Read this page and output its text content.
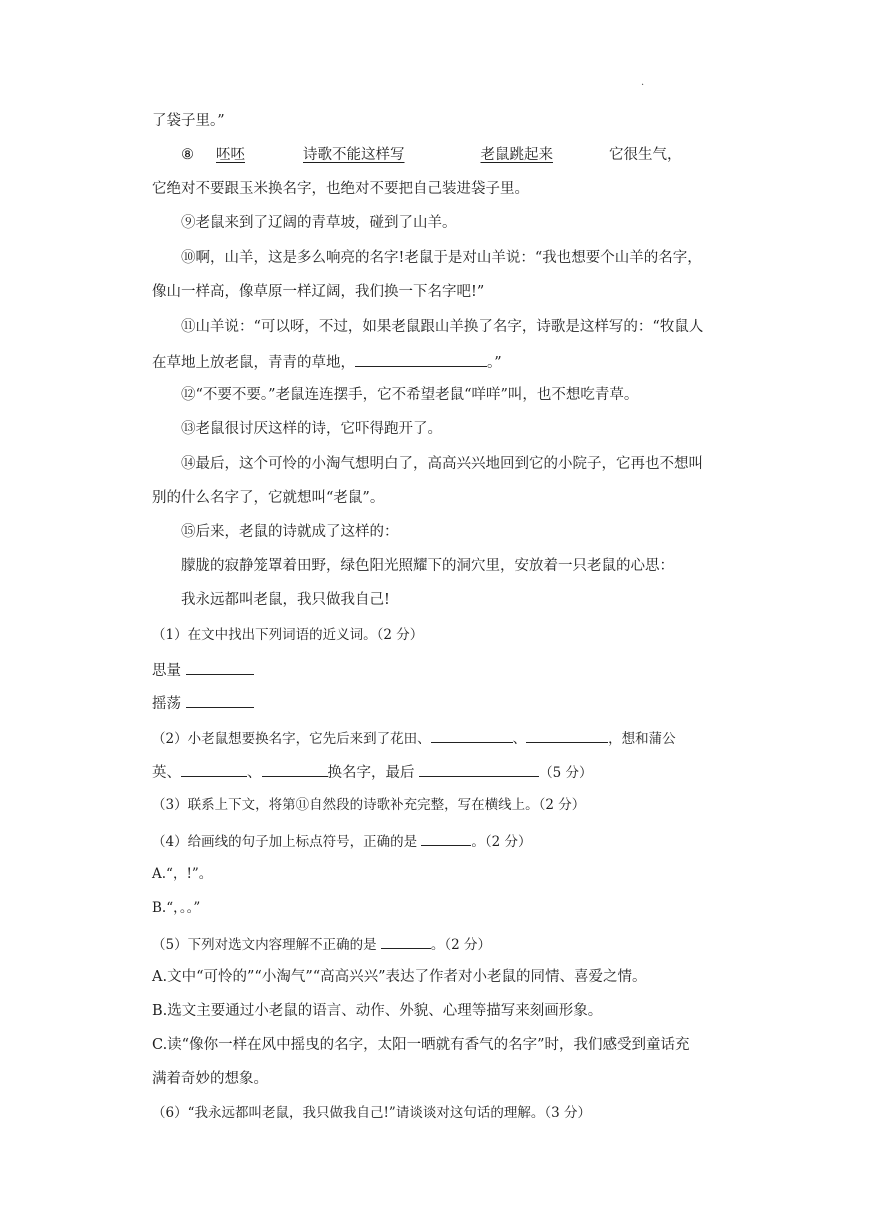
·
了袋子里。”
⑧ 呸呸	诗歌不能这样写	老鼠跳起来	它很生气，
它绝对不要跟玉米换名字，也绝对不要把自己装进袋子里。
⑨老鼠来到了辽阔的青草坡，碰到了山羊。
⑩啊，山羊，这是多么响亮的名字!老鼠于是对山羊说：“我也想要个山羊的名字，
像山一样高，像草原一样辽阔，我们换一下名字吧!”
⑪山羊说：“可以呀，不过，如果老鼠跟山羊换了名字，诗歌是这样写的：“牧鼠人
在草地上放老鼠，青青的草地，	。”
⑫“不要不要。”老鼠连连摆手，它不希望老鼠“咩咩”叫，也不想吃青草。
⑬老鼠很讨厌这样的诗，它吓得跑开了。
⑭最后，这个可怜的小淘气想明白了，高高兴兴地回到它的小院子，它再也不想叫
别的什么名字了，它就想叫“老鼠”。
⑮后来，老鼠的诗就成了这样的：
朦胧的寂静笼罩着田野，绿色阳光照耀下的洞穴里，安放着一只老鼠的心思：
我永远都叫老鼠，我只做我自己!
（1）在文中找出下列词语的近义词。（2 分）
思量
摇荡
（2）小老鼠想要换名字，它先后来到了花田、	、	，想和蒲公
英、	、	换名字，最后	（5 分）
（3）联系上下文，将第⑪自然段的诗歌补充完整，写在横线上。（2 分）
（4）给画线的句子加上标点符号，正确的是	。（2 分）
A.“，!”。
B.“，。。”
（5）下列对选文内容理解不正确的是	。（2 分）
A.文中“可怜的”“小淘气”“高高兴兴”表达了作者对小老鼠的同情、喜爱之情。
B.选文主要通过小老鼠的语言、动作、外貌、心理等描写来刻画形象。
C.读“像你一样在风中摇曳的名字，太阳一晒就有香气的名字”时，我们感受到童话充
满着奇妙的想象。
（6）“我永远都叫老鼠，我只做我自己!”请谈谈对这句话的理解。（3 分）
